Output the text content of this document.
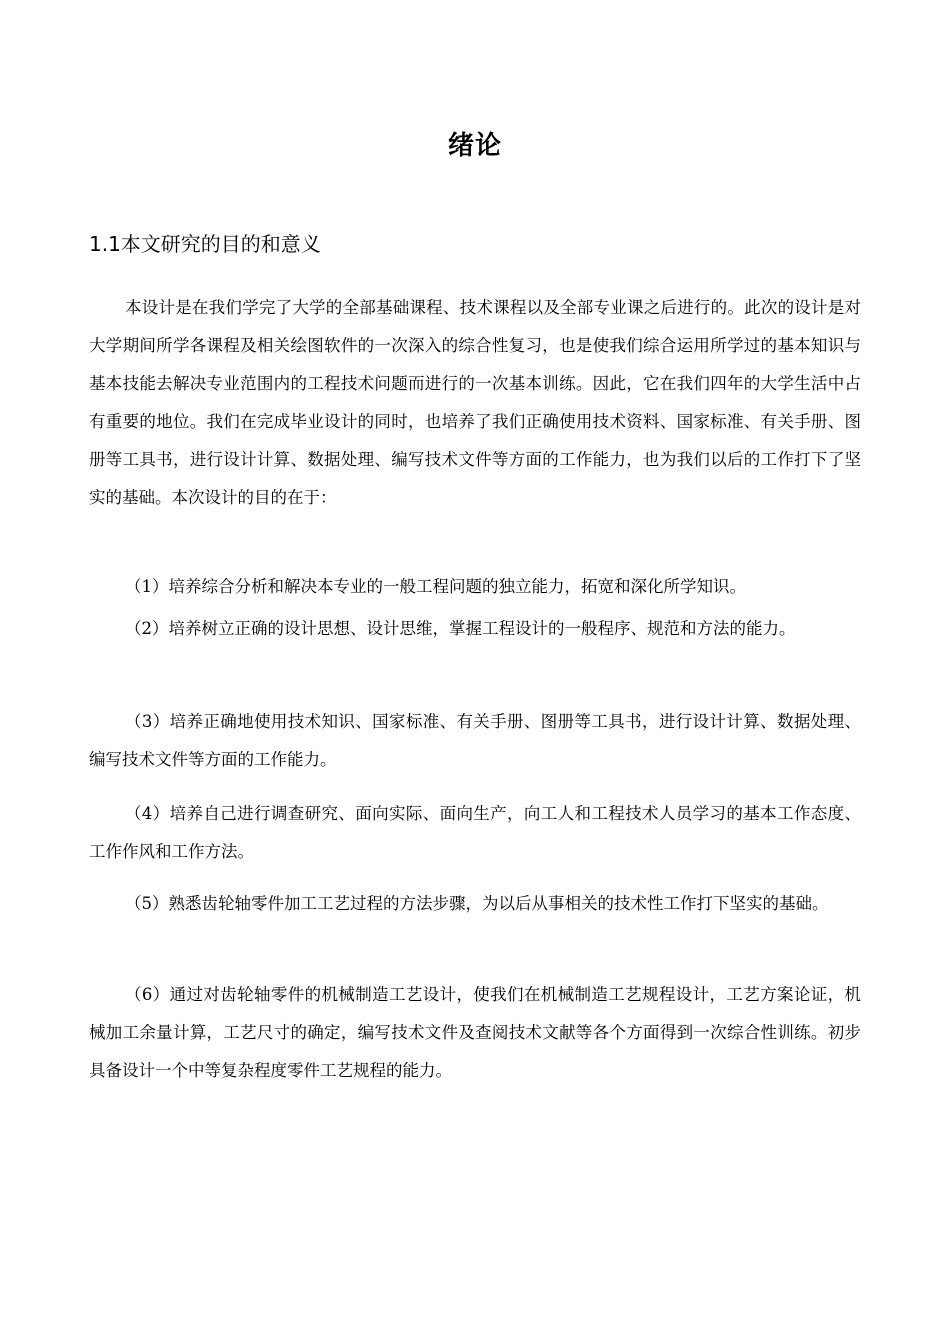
绪论
1.1本文研究的目的和意义

本设计是在我们学完了大学的全部基础课程、技术课程以及全部专业课之后进行的。此次的设计是对大学期间所学各课程及相关绘图软件的一次深入的综合性复习，也是使我们综合运用所学过的基本知识与基本技能去解决专业范围内的工程技术问题而进行的一次基本训练。因此，它在我们四年的大学生活中占有重要的地位。我们在完成毕业设计的同时，也培养了我们正确使用技术资料、国家标准、有关手册、图册等工具书，进行设计计算、数据处理、编写技术文件等方面的工作能力，也为我们以后的工作打下了坚实的基础。本次设计的目的在于：

（1）培养综合分析和解决本专业的一般工程问题的独立能力，拓宽和深化所学知识。

（2）培养树立正确的设计思想、设计思维，掌握工程设计的一般程序、规范和方法的能力。

（3）培养正确地使用技术知识、国家标准、有关手册、图册等工具书，进行设计计算、数据处理、编写技术文件等方面的工作能力。

（4）培养自己进行调查研究、面向实际、面向生产，向工人和工程技术人员学习的基本工作态度、工作作风和工作方法。

（5）熟悉齿轮轴零件加工工艺过程的方法步骤，为以后从事相关的技术性工作打下坚实的基础。

（6）通过对齿轮轴零件的机械制造工艺设计，使我们在机械制造工艺规程设计，工艺方案论证，机械加工余量计算，工艺尺寸的确定，编写技术文件及查阅技术文献等各个方面得到一次综合性训练。初步具备设计一个中等复杂程度零件工艺规程的能力。
